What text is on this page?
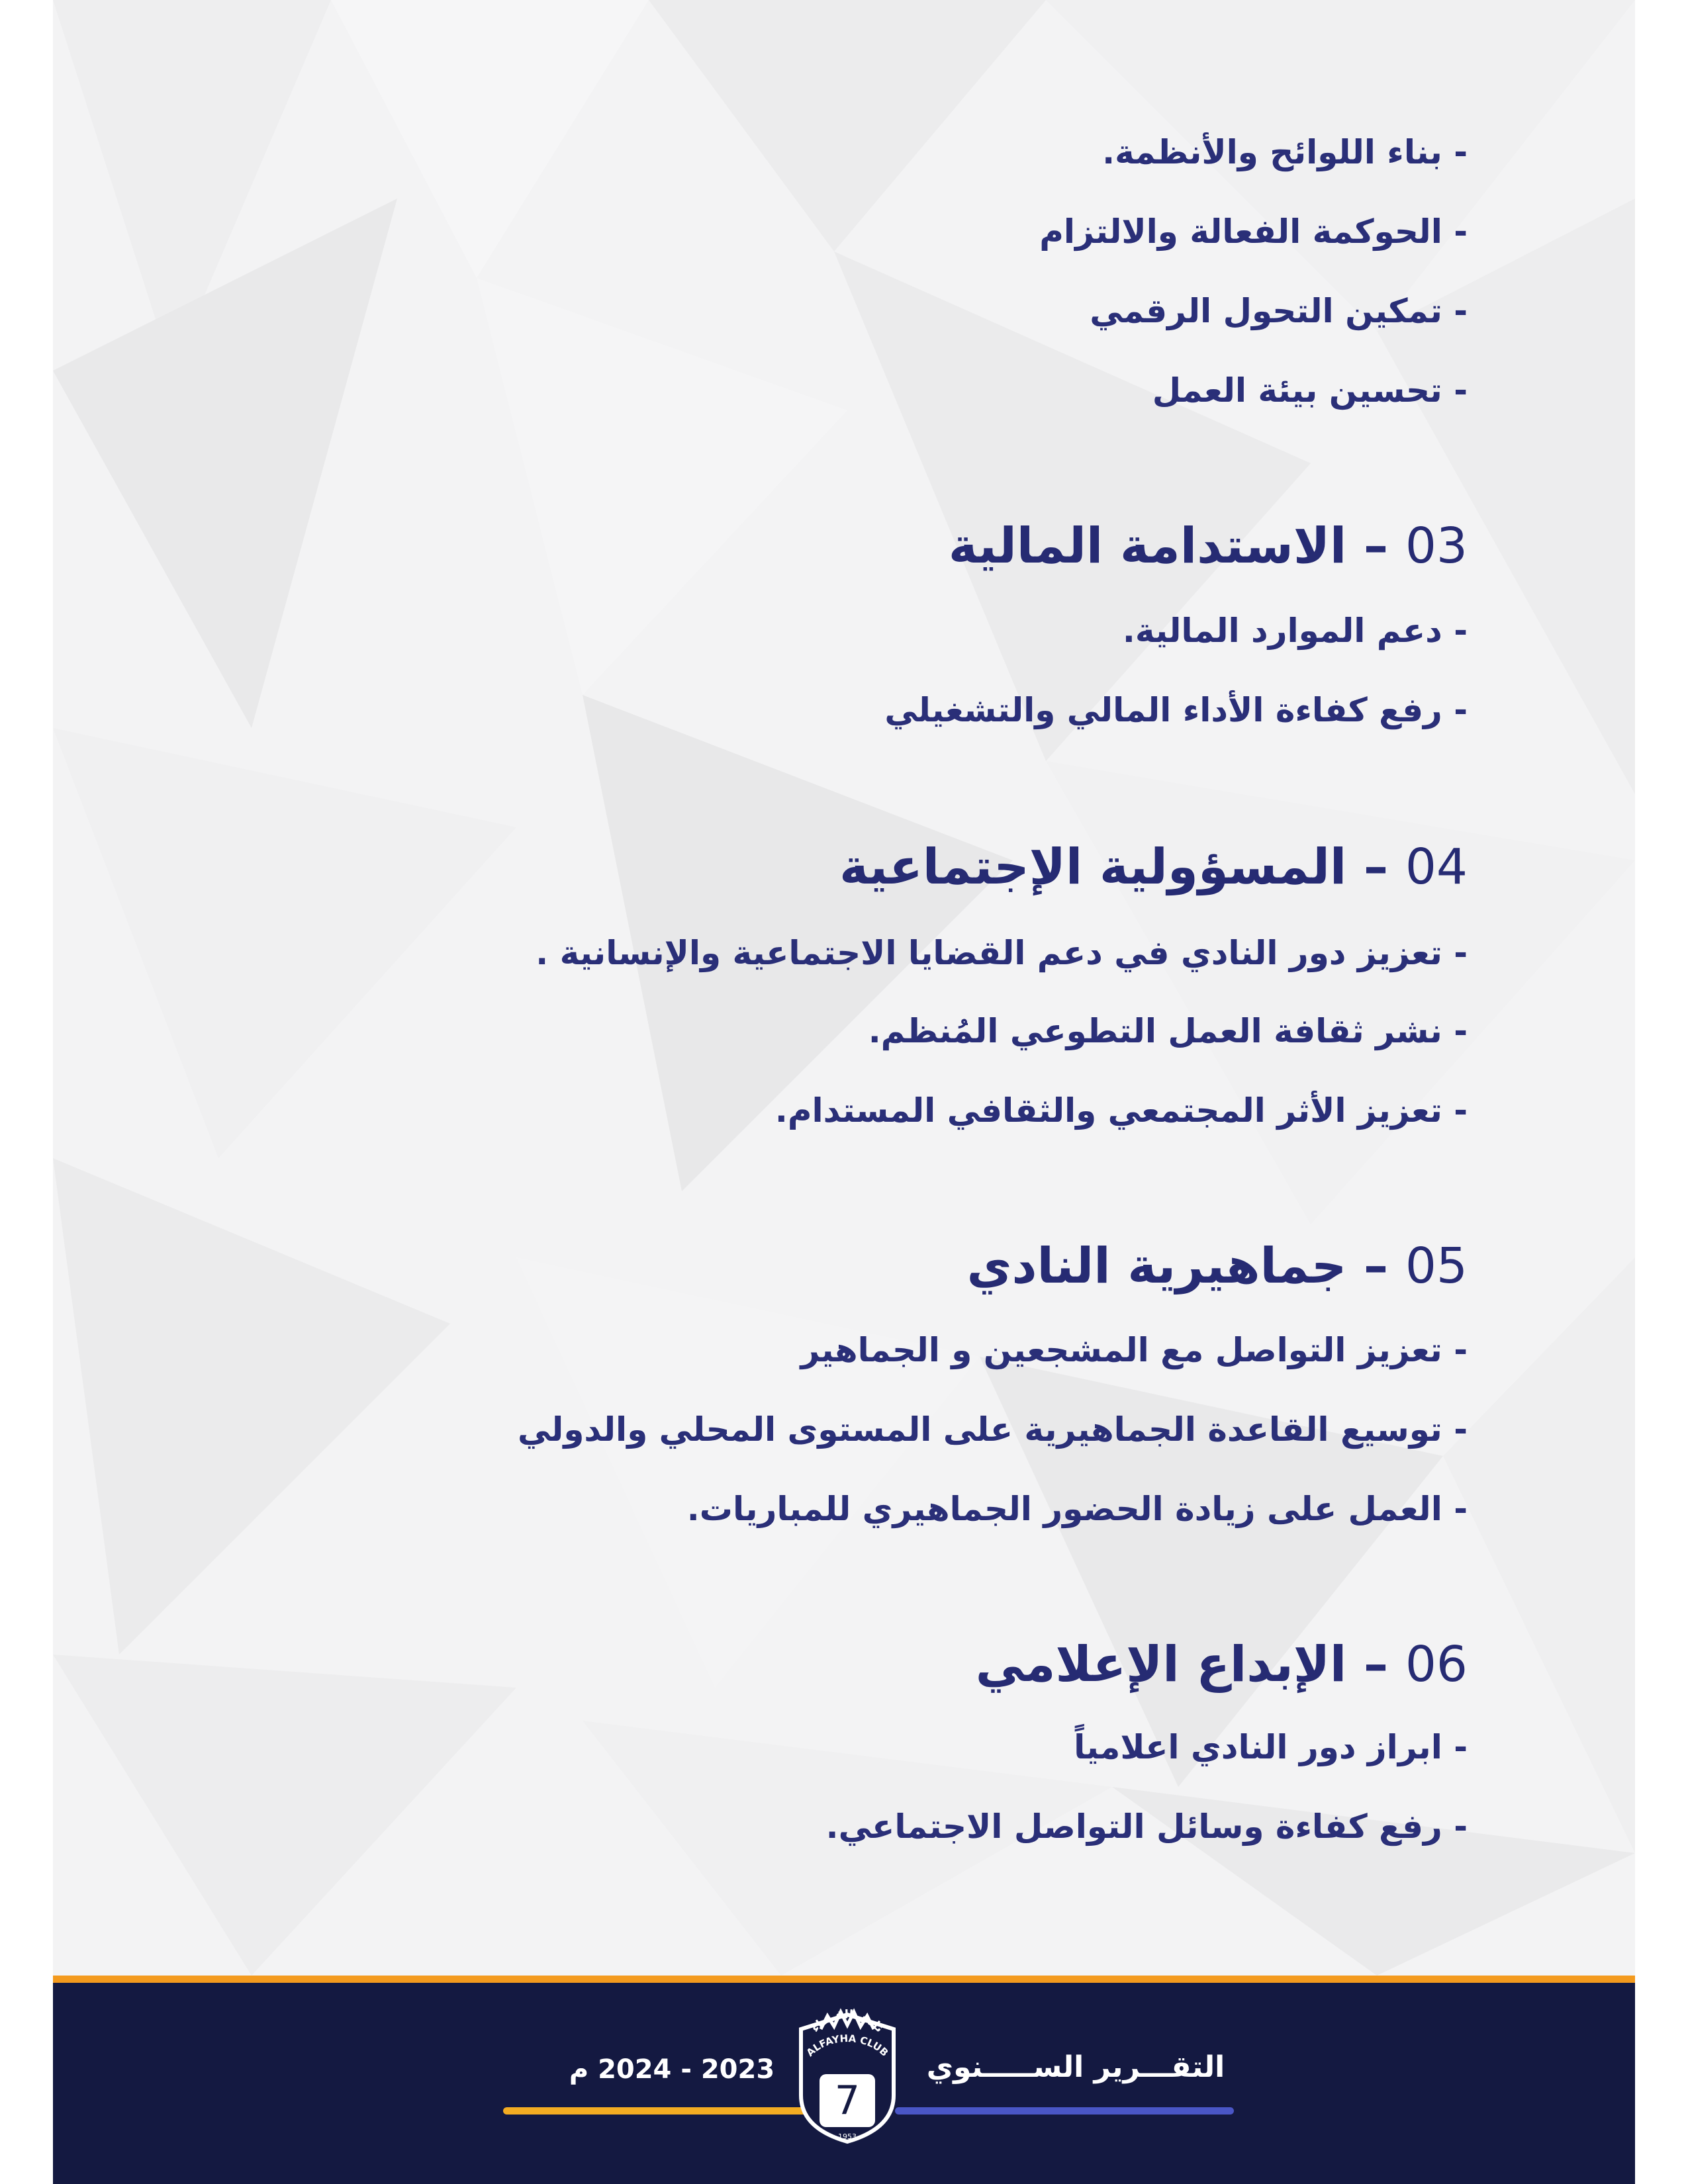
- بناء اللوائح والأنظمة.
- الحوكمة الفعالة والالتزام
- تمكين التحول الرقمي
- تحسين بيئة العمل
03 – الاستدامة المالية
- دعم الموارد المالية.
- رفع كفاءة الأداء المالي والتشغيلي
04 – المسؤولية الإجتماعية
- تعزيز دور النادي في دعم القضايا الاجتماعية والإنسانية .
- نشر ثقافة العمل التطوعي المُنظم.
- تعزيز الأثر المجتمعي والثقافي المستدام.
05 – جماهيرية النادي
- تعزيز التواصل مع المشجعين و الجماهير
- توسيع القاعدة الجماهيرية على المستوى المحلي والدولي
- العمل على زيادة الحضور الجماهيري للمباريات.
06 – الإبداع الإعلامي
- ابراز دور النادي اعلامياً
- رفع كفاءة وسائل التواصل الاجتماعي.
التقـــرير الســـــنوي
2023 - 2024 م
نادي الفيحاء
ALFAYHA CLUB
7
1953
